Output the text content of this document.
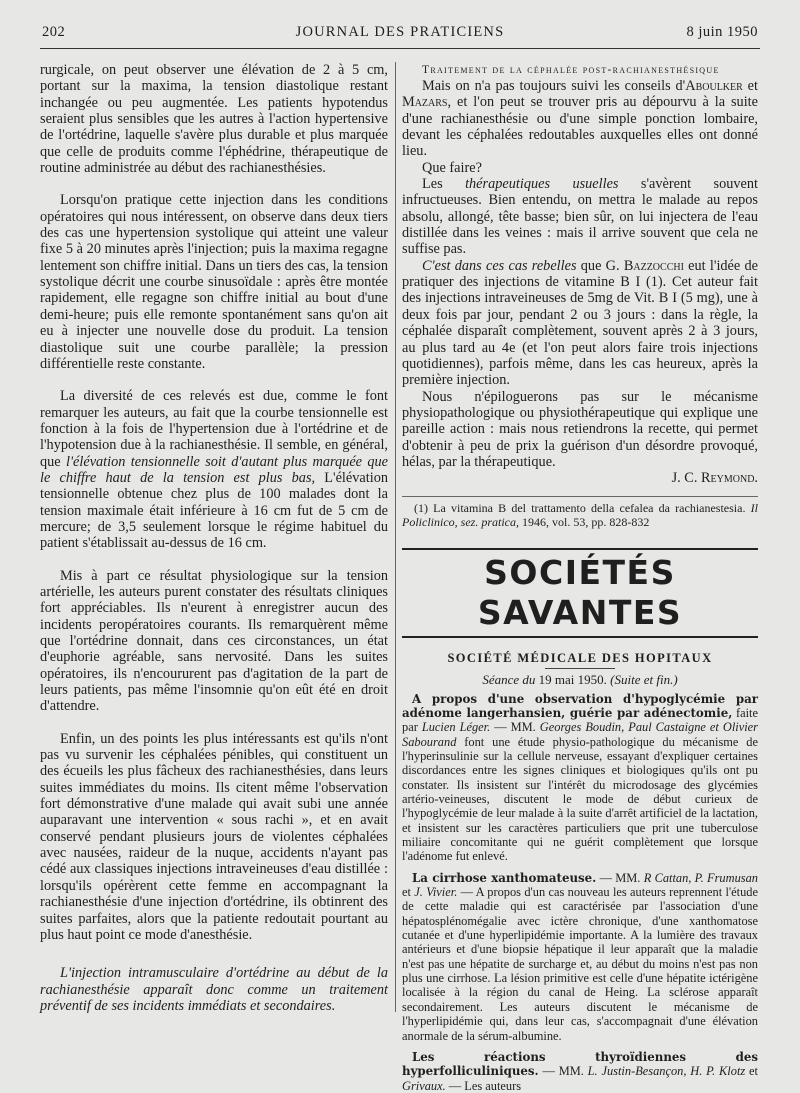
202	JOURNAL DES PRATICIENS	8 juin 1950

rurgicale, on peut observer une élévation de 2 à 5 cm, portant sur la maxima, la tension diastolique restant inchangée ou peu augmentée. Les patients hypotendus seraient plus sensibles que les autres à l'action hypertensive de l'ortédrine, laquelle s'avère plus durable et plus marquée que celle de produits comme l'éphédrine, thérapeutique de routine administrée au début des rachianesthésies.

Lorsqu'on pratique cette injection dans les conditions opératoires qui nous intéressent, on observe dans deux tiers des cas une hypertension systolique qui atteint une valeur fixe 5 à 20 minutes après l'injection; puis la maxima regagne lentement son chiffre initial. Dans un tiers des cas, la tension systolique décrit une courbe sinusoïdale : après être montée rapidement, elle regagne son chiffre initial au bout d'une demi-heure; puis elle remonte spontanément sans qu'on ait eu à injecter une nouvelle dose du produit. La tension diastolique suit une courbe parallèle; la pression différentielle reste constante.

La diversité de ces relevés est due, comme le font remarquer les auteurs, au fait que la courbe tensionnelle est fonction à la fois de l'hypertension due à l'ortédrine et de l'hypotension due à la rachianesthésie. Il semble, en général, que l'élévation tensionnelle soit d'autant plus marquée que le chiffre haut de la tension est plus bas, L'élévation tensionnelle obtenue chez plus de 100 malades dont la tension maximale était inférieure à 16 cm fut de 5 cm de mercure; de 3,5 seulement lorsque le régime habituel du patient s'établissait au-dessus de 16 cm.

Mis à part ce résultat physiologique sur la tension artérielle, les auteurs purent constater des résultats cliniques fort appréciables. Ils n'eurent à enregistrer aucun des incidents peropératoires courants. Ils remarquèrent même que l'ortédrine donnait, dans ces circonstances, un état d'euphorie agréable, sans nervosité. Dans les suites opératoires, ils n'encoururent pas d'agitation de la part de leurs patients, pas même l'insomnie qu'on eût été en droit d'attendre.

Enfin, un des points les plus intéressants est qu'ils n'ont pas vu survenir les céphalées pénibles, qui constituent un des écueils les plus fâcheux des rachianesthésies, dans leurs suites immédiates du moins. Ils citent même l'observation fort démonstrative d'une malade qui avait subi une année auparavant une intervention « sous rachi », et en avait conservé pendant plusieurs jours de violentes céphalées avec nausées, raideur de la nuque, accidents n'ayant pas cédé aux classiques injections intraveineuses d'eau distillée : lorsqu'ils opérèrent cette femme en accompagnant la rachianesthésie d'une injection d'ortédrine, ils obtinrent des suites parfaites, alors que la patiente redoutait pourtant au plus haut point ce mode d'anesthésie.

L'injection intramusculaire d'ortédrine au début de la rachianesthésie apparaît donc comme un traitement préventif de ses incidents immédiats et secondaires.

Traitement de la céphalée post-rachianesthésique

Mais on n'a pas toujours suivi les conseils d'Aboulker et Mazars, et l'on peut se trouver pris au dépourvu à la suite d'une rachianesthésie ou d'une simple ponction lombaire, devant les céphalées redoutables auxquelles elles ont donné lieu.

Que faire?

Les thérapeutiques usuelles s'avèrent souvent infructueuses. Bien entendu, on mettra le malade au repos absolu, allongé, tête basse; bien sûr, on lui injectera de l'eau distillée dans les veines : mais il arrive souvent que cela ne suffise pas.

C'est dans ces cas rebelles que G. Bazzocchi eut l'idée de pratiquer des injections de vitamine B I (1). Cet auteur fait des injections intraveineuses de 5mg de Vit. B I (5 mg), une à deux fois par jour, pendant 2 ou 3 jours : dans la règle, la céphalée disparaît complètement, souvent après 2 à 3 jours, au plus tard au 4e (et l'on peut alors faire trois injections quotidiennes), parfois même, dans les cas heureux, après la première injection.

Nous n'épiloguerons pas sur le mécanisme physiopathologique ou physiothérapeutique qui explique une pareille action : mais nous retiendrons la recette, qui permet d'obtenir à peu de prix la guérison d'un désordre provoqué, hélas, par la thérapeutique.

J. C. Reymond.

(1) La vitamina B del trattamento della cefalea da rachianestesia. Il Policlinico, sez. pratica, 1946, vol. 53, pp. 828-832

SOCIÉTÉS SAVANTES
SOCIÉTÉ MÉDICALE DES HOPITAUX
Séance du 19 mai 1950. (Suite et fin.)

A propos d'une observation d'hypoglycémie par adénome langerhansien, guérie par adénectomie, faite par Lucien Léger. — MM. Georges Boudin, Paul Castaigne et Olivier Sabourand font une étude physio-pathologique du mécanisme de l'hyperinsulinie sur la cellule nerveuse, essayant d'expliquer certaines discordances entre les signes cliniques et biologiques qu'ils ont pu constater. Ils insistent sur l'intérêt du microdosage des glycémies artério-veineuses, discutent le mode de début curieux de l'hypoglycémie de leur malade à la suite d'arrêt artificiel de la lactation, et insistent sur les caractères particuliers que prit une tuberculose miliaire concomitante qui ne guérit complètement que lorsque l'adénome fut enlevé.

La cirrhose xanthomateuse. — MM. R Cattan, P. Frumusan et J. Vivier. — A propos d'un cas nouveau les auteurs reprennent l'étude de cette maladie qui est caractérisée par l'association d'une hépatosplénomégalie avec ictère chronique, d'une xanthomatose cutanée et d'une hyperlipidémie importante. A la lumière des travaux antérieurs et d'une biopsie hépatique il leur apparaît que la maladie n'est pas une hépatite de surcharge et, au début du moins n'est pas non plus une cirrhose. La lésion primitive est celle d'une hépatite ictérigène localisée à la région du canal de Heing. La sclérose apparaît secondairement. Les auteurs discutent le mécanisme de l'hyperlipidémie qui, dans leur cas, s'accompagnait d'une élévation anormale de la sérum-albumine.

Les réactions thyroïdiennes des hyperfolliculiniques. — MM. L. Justin-Besançon, H. P. Klotz et Grivaux. — Les auteurs
